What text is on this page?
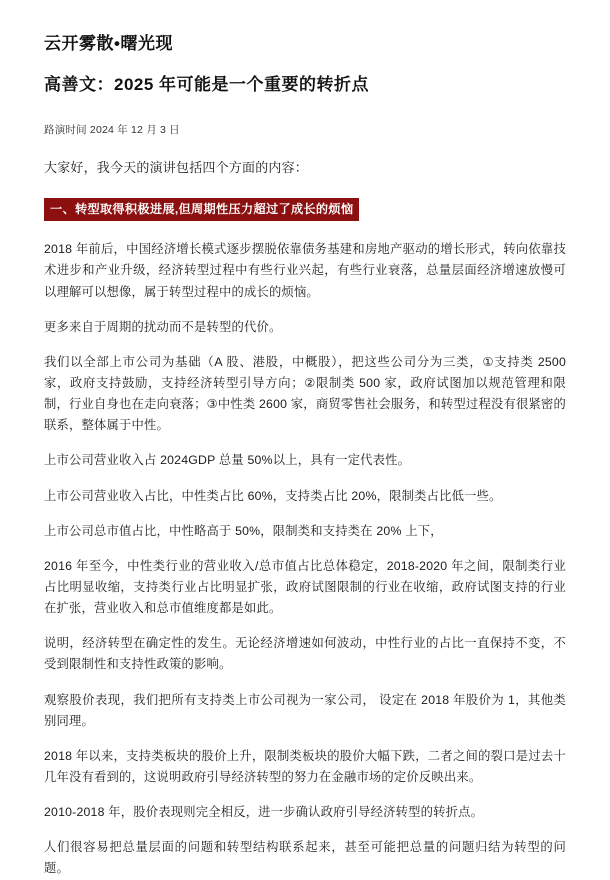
云开雾散•曙光现
高善文：2025 年可能是一个重要的转折点
路演时间 2024 年 12 月 3 日

大家好，我今天的演讲包括四个方面的内容：

一、转型取得积极进展,但周期性压力超过了成长的烦恼

2018 年前后，中国经济增长模式逐步摆脱依靠债务基建和房地产驱动的增长形式，转向依靠技术进步和产业升级，经济转型过程中有些行业兴起，有些行业衰落，总量层面经济增速放慢可以理解可以想像，属于转型过程中的成长的烦恼。

更多来自于周期的扰动而不是转型的代价。

我们以全部上市公司为基础（A 股、港股，中概股），把这些公司分为三类，①支持类 2500 家，政府支持鼓励，支持经济转型引导方向；②限制类 500 家，政府试图加以规范管理和限制，行业自身也在走向衰落；③中性类 2600 家，商贸零售社会服务，和转型过程没有很紧密的联系，整体属于中性。

上市公司营业收入占 2024GDP 总量 50%以上，具有一定代表性。

上市公司营业收入占比，中性类占比 60%，支持类占比 20%，限制类占比低一些。

上市公司总市值占比，中性略高于 50%，限制类和支持类在 20% 上下，

2016 年至今，中性类行业的营业收入/总市值占比总体稳定，2018-2020 年之间，限制类行业占比明显收缩，支持类行业占比明显扩张，政府试图限制的行业在收缩，政府试图支持的行业在扩张，营业收入和总市值维度都是如此。

说明，经济转型在确定性的发生。无论经济增速如何波动，中性行业的占比一直保持不变，不受到限制性和支持性政策的影响。

观察股价表现，我们把所有支持类上市公司视为一家公司， 设定在 2018 年股价为 1，其他类别同理。

2018 年以来，支持类板块的股价上升，限制类板块的股价大幅下跌，二者之间的裂口是过去十几年没有看到的，这说明政府引导经济转型的努力在金融市场的定价反映出来。

2010-2018 年，股价表现则完全相反，进一步确认政府引导经济转型的转折点。

人们很容易把总量层面的问题和转型结构联系起来，甚至可能把总量的问题归结为转型的问题。
